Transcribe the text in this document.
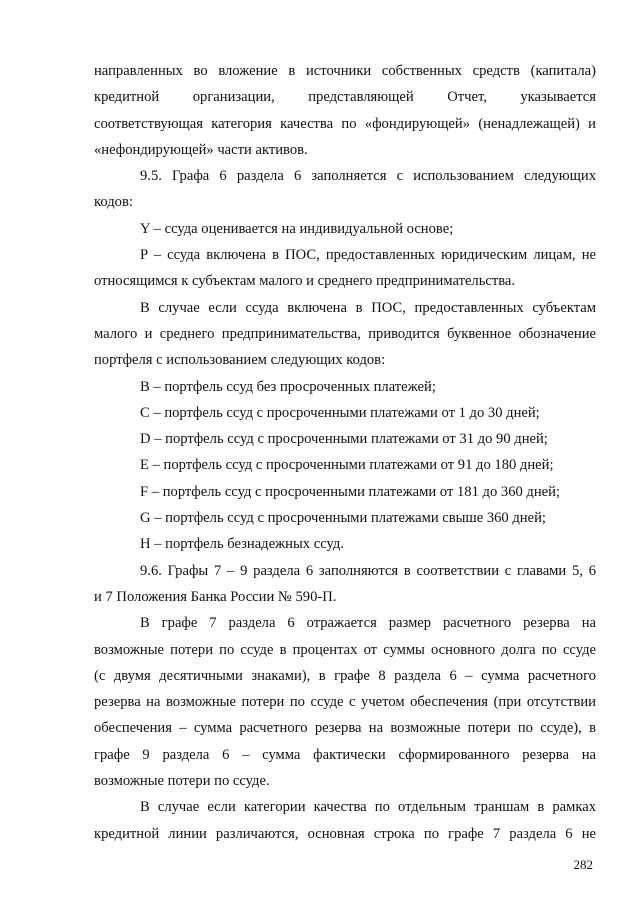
направленных во вложение в источники собственных средств (капитала)
кредитной организации, представляющей Отчет, указывается
соответствующая категория качества по «фондирующей» (ненадлежащей) и
«нефондирующей» части активов.
9.5. Графа 6 раздела 6 заполняется с использованием следующих
кодов:
Y – ссуда оценивается на индивидуальной основе;
P – ссуда включена в ПОС, предоставленных юридическим лицам, не
относящимся к субъектам малого и среднего предпринимательства.
В случае если ссуда включена в ПОС, предоставленных субъектам
малого и среднего предпринимательства, приводится буквенное обозначение
портфеля с использованием следующих кодов:
B – портфель ссуд без просроченных платежей;
C – портфель ссуд с просроченными платежами от 1 до 30 дней;
D – портфель ссуд с просроченными платежами от 31 до 90 дней;
E – портфель ссуд с просроченными платежами от 91 до 180 дней;
F – портфель ссуд с просроченными платежами от 181 до 360 дней;
G – портфель ссуд с просроченными платежами свыше 360 дней;
H – портфель безнадежных ссуд.
9.6. Графы 7 – 9 раздела 6 заполняются в соответствии с главами 5, 6
и 7 Положения Банка России № 590-П.
В графе 7 раздела 6 отражается размер расчетного резерва на
возможные потери по ссуде в процентах от суммы основного долга по ссуде
(с двумя десятичными знаками), в графе 8 раздела 6 – сумма расчетного
резерва на возможные потери по ссуде с учетом обеспечения (при отсутствии
обеспечения – сумма расчетного резерва на возможные потери по ссуде), в
графе 9 раздела 6 – сумма фактически сформированного резерва на
возможные потери по ссуде.
В случае если категории качества по отдельным траншам в рамках
кредитной линии различаются, основная строка по графе 7 раздела 6 не
282
